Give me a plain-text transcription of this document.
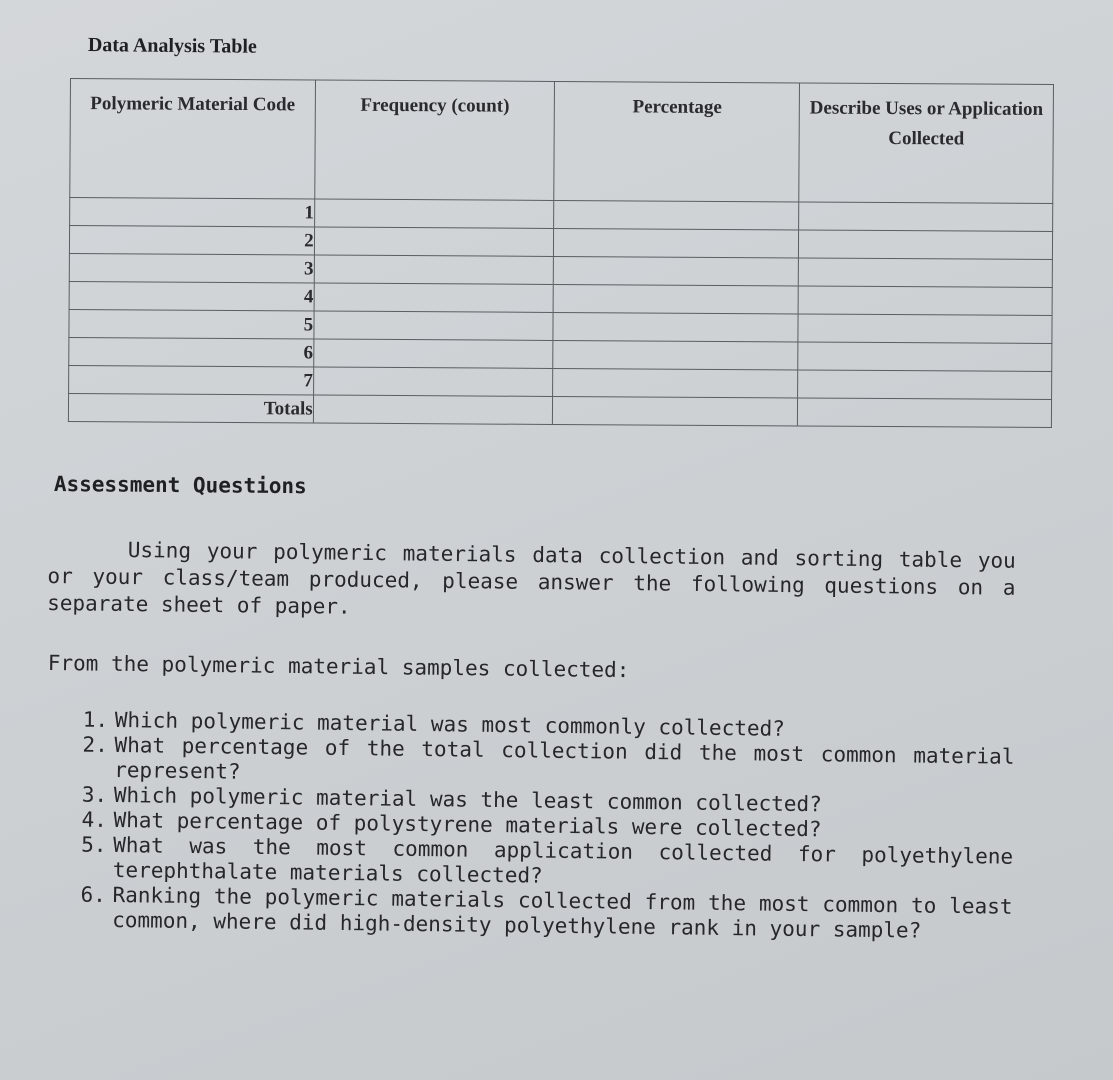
Data Analysis Table
Polymeric Material Code	Frequency (count)	Percentage	Describe Uses or Application Collected
1			
2			
3			
4			
5			
6			
7			
Totals			
Assessment Questions

Using your polymeric materials data collection and sorting table you or your class/team produced, please answer the following questions on a separate sheet of paper.

From the polymeric material samples collected:
1. Which polymeric material was most commonly collected?
2. What percentage of the total collection did the most common material represent?
3. Which polymeric material was the least common collected?
4. What percentage of polystyrene materials were collected?
5. What was the most common application collected for polyethylene terephthalate materials collected?
6. Ranking the polymeric materials collected from the most common to least common, where did high-density polyethylene rank in your sample?
